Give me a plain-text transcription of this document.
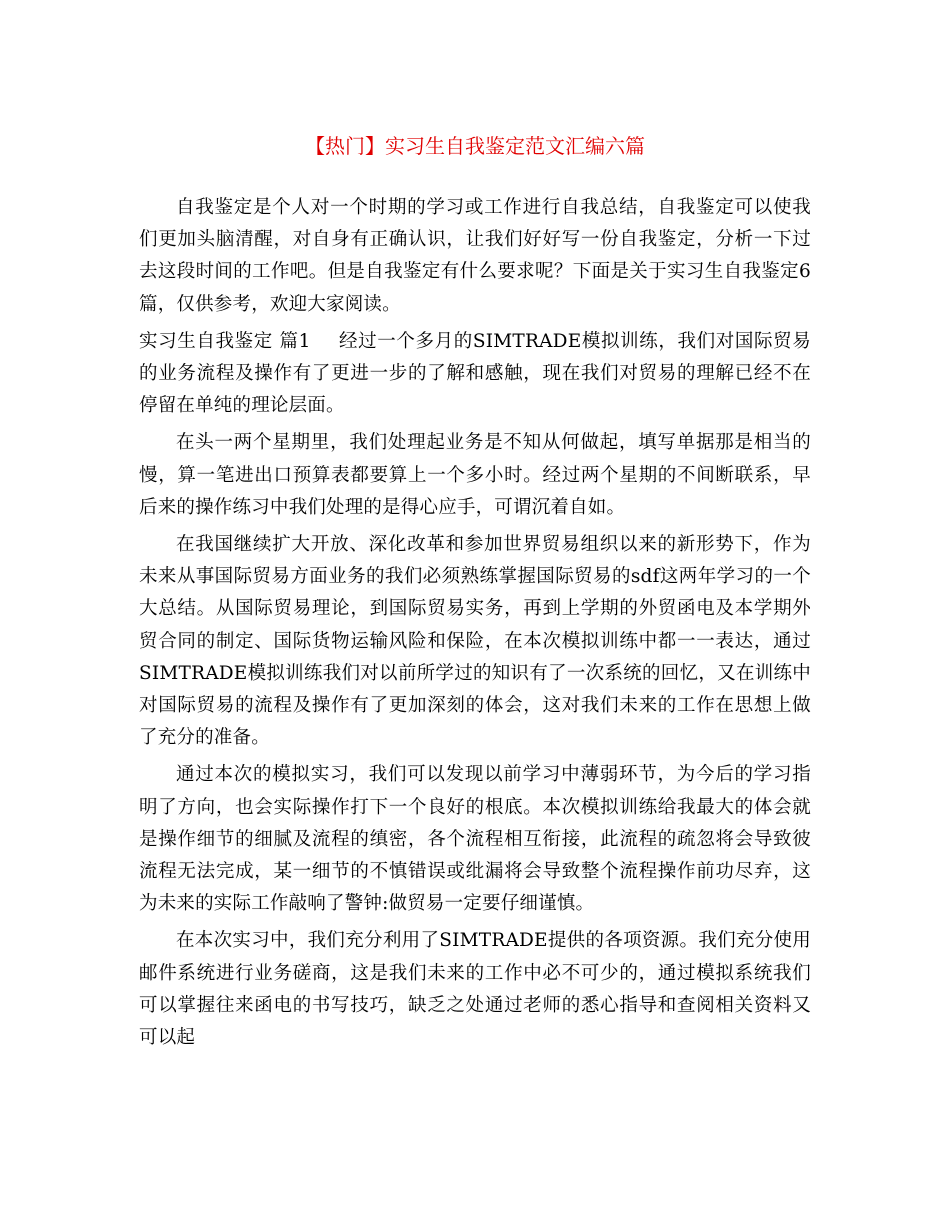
【热门】实习生自我鉴定范文汇编六篇

自我鉴定是个人对一个时期的学习或工作进行自我总结，自我鉴定可以使我们更加头脑清醒，对自身有正确认识，让我们好好写一份自我鉴定，分析一下过去这段时间的工作吧。但是自我鉴定有什么要求呢？下面是关于实习生自我鉴定6篇，仅供参考，欢迎大家阅读。

实习生自我鉴定 篇1 经过一个多月的SIMTRADE模拟训练，我们对国际贸易的业务流程及操作有了更进一步的了解和感触，现在我们对贸易的理解已经不在停留在单纯的理论层面。

在头一两个星期里，我们处理起业务是不知从何做起，填写单据那是相当的慢，算一笔进出口预算表都要算上一个多小时。经过两个星期的不间断联系，早后来的操作练习中我们处理的是得心应手，可谓沉着自如。

在我国继续扩大开放、深化改革和参加世界贸易组织以来的新形势下，作为未来从事国际贸易方面业务的我们必须熟练掌握国际贸易的sdf这两年学习的一个大总结。从国际贸易理论，到国际贸易实务，再到上学期的外贸函电及本学期外贸合同的制定、国际货物运输风险和保险，在本次模拟训练中都一一表达，通过SIMTRADE模拟训练我们对以前所学过的知识有了一次系统的回忆，又在训练中对国际贸易的流程及操作有了更加深刻的体会，这对我们未来的工作在思想上做了充分的准备。

通过本次的模拟实习，我们可以发现以前学习中薄弱环节，为今后的学习指明了方向，也会实际操作打下一个良好的根底。本次模拟训练给我最大的体会就是操作细节的细腻及流程的缜密，各个流程相互衔接，此流程的疏忽将会导致彼流程无法完成，某一细节的不慎错误或纰漏将会导致整个流程操作前功尽弃，这为未来的实际工作敲响了警钟:做贸易一定要仔细谨慎。

在本次实习中，我们充分利用了SIMTRADE提供的各项资源。我们充分使用邮件系统进行业务磋商，这是我们未来的工作中必不可少的，通过模拟系统我们可以掌握往来函电的书写技巧，缺乏之处通过老师的悉心指导和查阅相关资料又可以起
